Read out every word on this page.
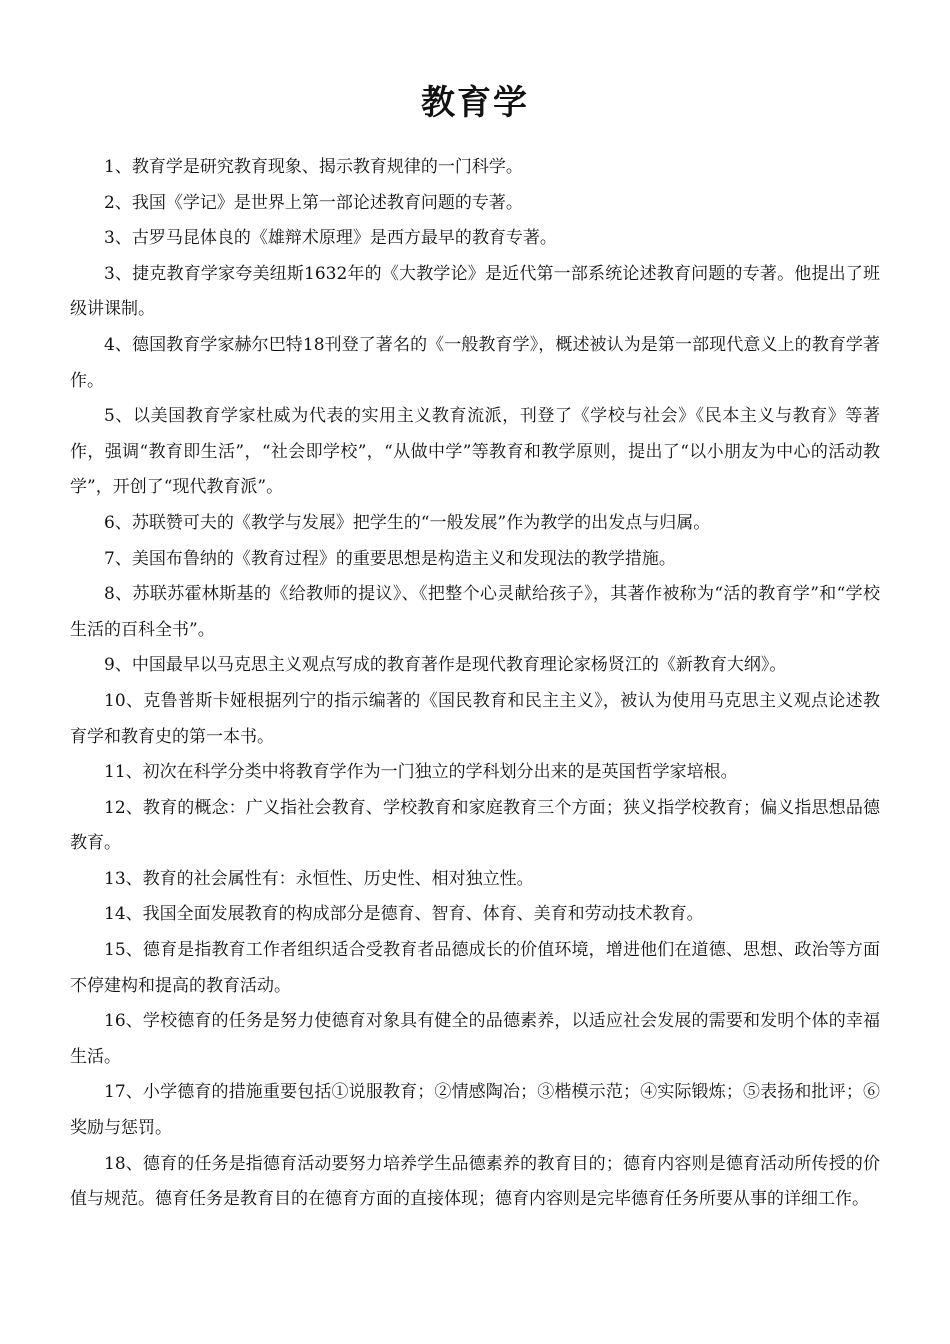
教育学

1、教育学是研究教育现象、揭示教育规律的一门科学。

2、我国《学记》是世界上第一部论述教育问题的专著。

3、古罗马昆体良的《雄辩术原理》是西方最早的教育专著。

3、捷克教育学家夸美纽斯1632年的《大教学论》是近代第一部系统论述教育问题的专著。他提出了班级讲课制。

4、德国教育学家赫尔巴特18刊登了著名的《一般教育学》，概述被认为是第一部现代意义上的教育学著作。

5、以美国教育学家杜威为代表的实用主义教育流派，刊登了《学校与社会》《民本主义与教育》等著作，强调“教育即生活”，“社会即学校”，“从做中学”等教育和教学原则，提出了“以小朋友为中心的活动教学”，开创了“现代教育派”。

6、苏联赞可夫的《教学与发展》把学生的“一般发展”作为教学的出发点与归属。

7、美国布鲁纳的《教育过程》的重要思想是构造主义和发现法的教学措施。

8、苏联苏霍林斯基的《给教师的提议》、《把整个心灵献给孩子》，其著作被称为“活的教育学”和“学校生活的百科全书”。

9、中国最早以马克思主义观点写成的教育著作是现代教育理论家杨贤江的《新教育大纲》。

10、克鲁普斯卡娅根据列宁的指示编著的《国民教育和民主主义》，被认为使用马克思主义观点论述教育学和教育史的第一本书。

11、初次在科学分类中将教育学作为一门独立的学科划分出来的是英国哲学家培根。

12、教育的概念：广义指社会教育、学校教育和家庭教育三个方面；狭义指学校教育；偏义指思想品德教育。

13、教育的社会属性有：永恒性、历史性、相对独立性。

14、我国全面发展教育的构成部分是德育、智育、体育、美育和劳动技术教育。

15、德育是指教育工作者组织适合受教育者品德成长的价值环境，增进他们在道德、思想、政治等方面不停建构和提高的教育活动。

16、学校德育的任务是努力使德育对象具有健全的品德素养，以适应社会发展的需要和发明个体的幸福生活。

17、小学德育的措施重要包括①说服教育；②情感陶冶；③楷模示范；④实际锻炼；⑤表扬和批评；⑥奖励与惩罚。

18、德育的任务是指德育活动要努力培养学生品德素养的教育目的；德育内容则是德育活动所传授的价值与规范。德育任务是教育目的在德育方面的直接体现；德育内容则是完毕德育任务所要从事的详细工作。
